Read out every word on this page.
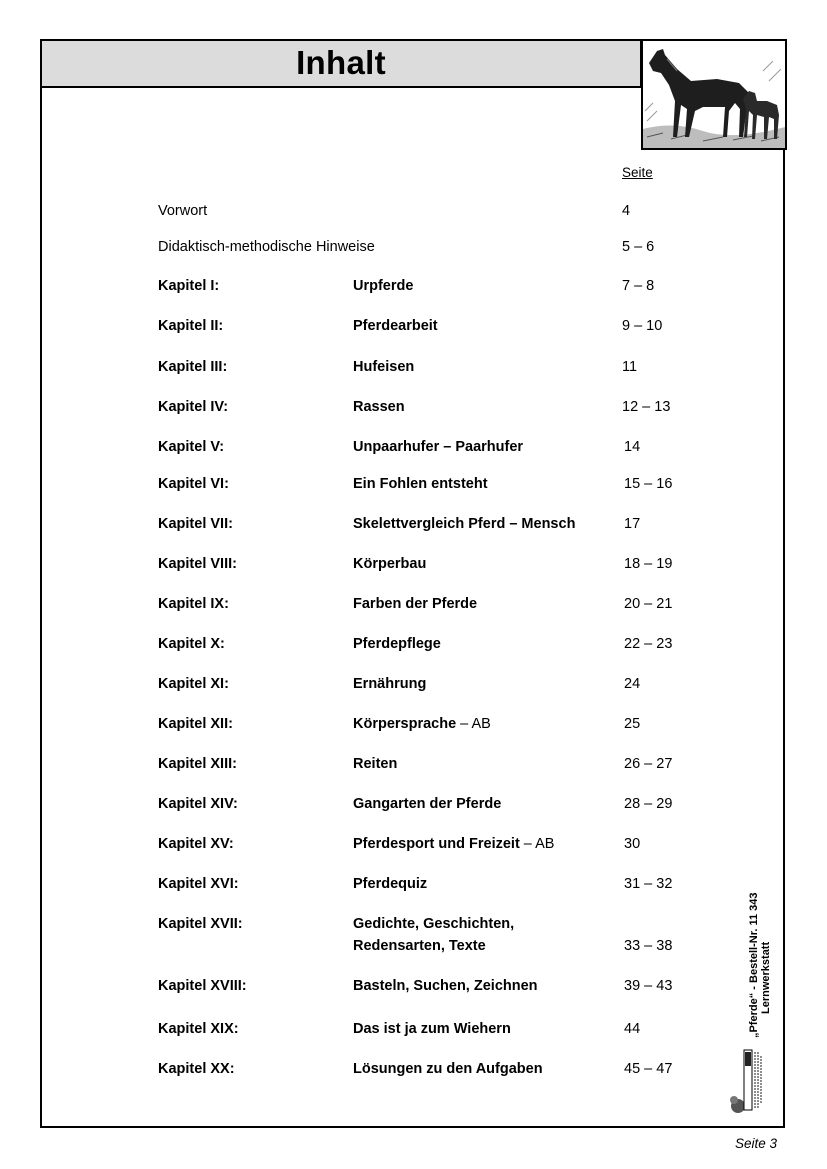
Inhalt
Seite
Vorwort	4
Didaktisch-methodische Hinweise	5 – 6
Kapitel I:	Urpferde	7 – 8
Kapitel II:	Pferdearbeit	9 – 10
Kapitel III:	Hufeisen	11
Kapitel IV:	Rassen	12 – 13
Kapitel V:	Unpaarhufer – Paarhufer	14
Kapitel VI:	Ein Fohlen entsteht	15 – 16
Kapitel VII:	Skelettvergleich Pferd – Mensch	17
Kapitel VIII:	Körperbau	18 – 19
Kapitel IX:	Farben der Pferde	20 – 21
Kapitel X:	Pferdepflege	22 – 23
Kapitel XI:	Ernährung	24
Kapitel XII:	Körpersprache – AB	25
Kapitel XIII:	Reiten	26 – 27
Kapitel XIV:	Gangarten der Pferde	28 – 29
Kapitel XV:	Pferdesport und Freizeit – AB	30
Kapitel XVI:	Pferdequiz	31 – 32
Kapitel XVII:	Gedichte, Geschichten,
Redensarten, Texte	33 – 38
Kapitel XVIII:	Basteln, Suchen, Zeichnen	39 – 43
Kapitel XIX:	Das ist ja zum Wiehern	44
Kapitel XX:	Lösungen zu den Aufgaben	45 – 47
„Pferde“ - Bestell-Nr. 11 343 Lernwerkstatt
Seite 3
